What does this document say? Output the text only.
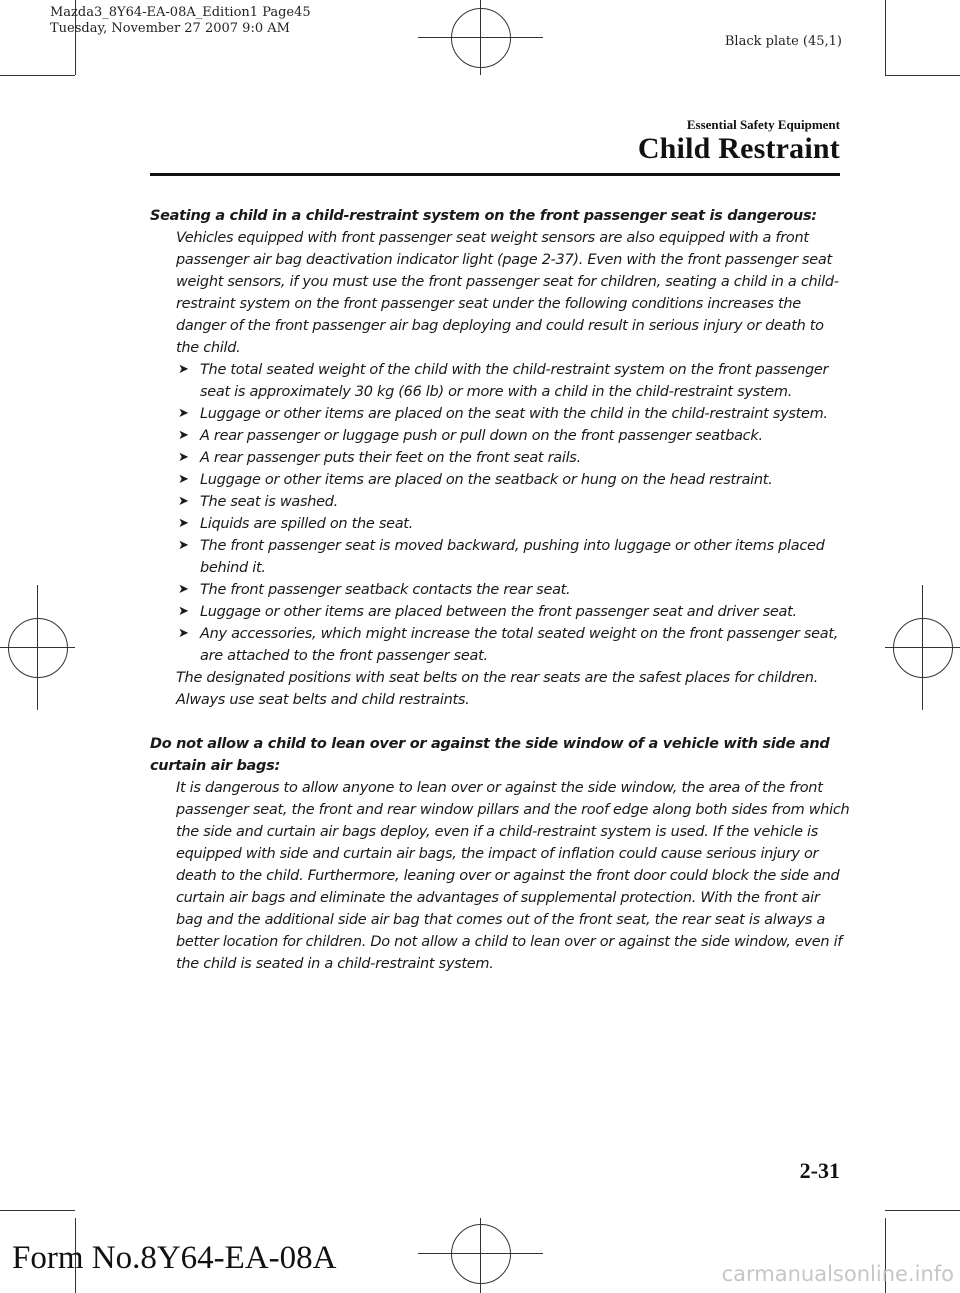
Mazda3_8Y64-EA-08A_Edition1 Page45
Tuesday, November 27 2007 9:0 AM
Black plate (45,1)
Essential Safety Equipment
Child Restraint

Seating a child in a child-restraint system on the front passenger seat is dangerous:

Vehicles equipped with front passenger seat weight sensors are also equipped with a front passenger air bag deactivation indicator light (page 2-37). Even with the front passenger seat weight sensors, if you must use the front passenger seat for children, seating a child in a child-restraint system on the front passenger seat under the following conditions increases the danger of the front passenger air bag deploying and could result in serious injury or death to the child.

➤ The total seated weight of the child with the child-restraint system on the front passenger seat is approximately 30 kg (66 lb) or more with a child in the child-restraint system.
➤ Luggage or other items are placed on the seat with the child in the child-restraint system.
➤ A rear passenger or luggage push or pull down on the front passenger seatback.
➤ A rear passenger puts their feet on the front seat rails.
➤ Luggage or other items are placed on the seatback or hung on the head restraint.
➤ The seat is washed.
➤ Liquids are spilled on the seat.
➤ The front passenger seat is moved backward, pushing into luggage or other items placed behind it.
➤ The front passenger seatback contacts the rear seat.
➤ Luggage or other items are placed between the front passenger seat and driver seat.
➤ Any accessories, which might increase the total seated weight on the front passenger seat, are attached to the front passenger seat.

The designated positions with seat belts on the rear seats are the safest places for children. Always use seat belts and child restraints.

Do not allow a child to lean over or against the side window of a vehicle with side and curtain air bags:

It is dangerous to allow anyone to lean over or against the side window, the area of the front passenger seat, the front and rear window pillars and the roof edge along both sides from which the side and curtain air bags deploy, even if a child-restraint system is used. If the vehicle is equipped with side and curtain air bags, the impact of inflation could cause serious injury or death to the child. Furthermore, leaning over or against the front door could block the side and curtain air bags and eliminate the advantages of supplemental protection. With the front air bag and the additional side air bag that comes out of the front seat, the rear seat is always a better location for children. Do not allow a child to lean over or against the side window, even if the child is seated in a child-restraint system.

2-31
Form No.8Y64-EA-08A	carmanualsonline.info
